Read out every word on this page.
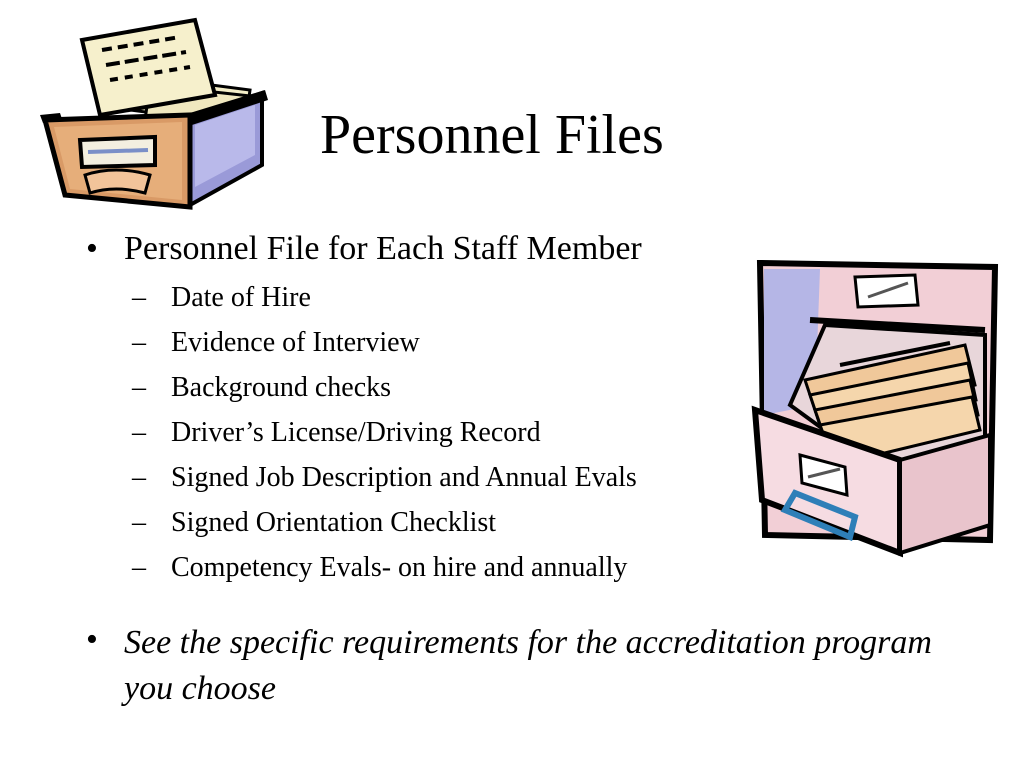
Personnel Files
• Personnel File for Each Staff Member
– Date of Hire
– Evidence of Interview
– Background checks
– Driver’s License/Driving Record
– Signed Job Description and Annual Evals
– Signed Orientation Checklist
– Competency Evals- on hire and annually
• See the specific requirements for the accreditation program you choose
